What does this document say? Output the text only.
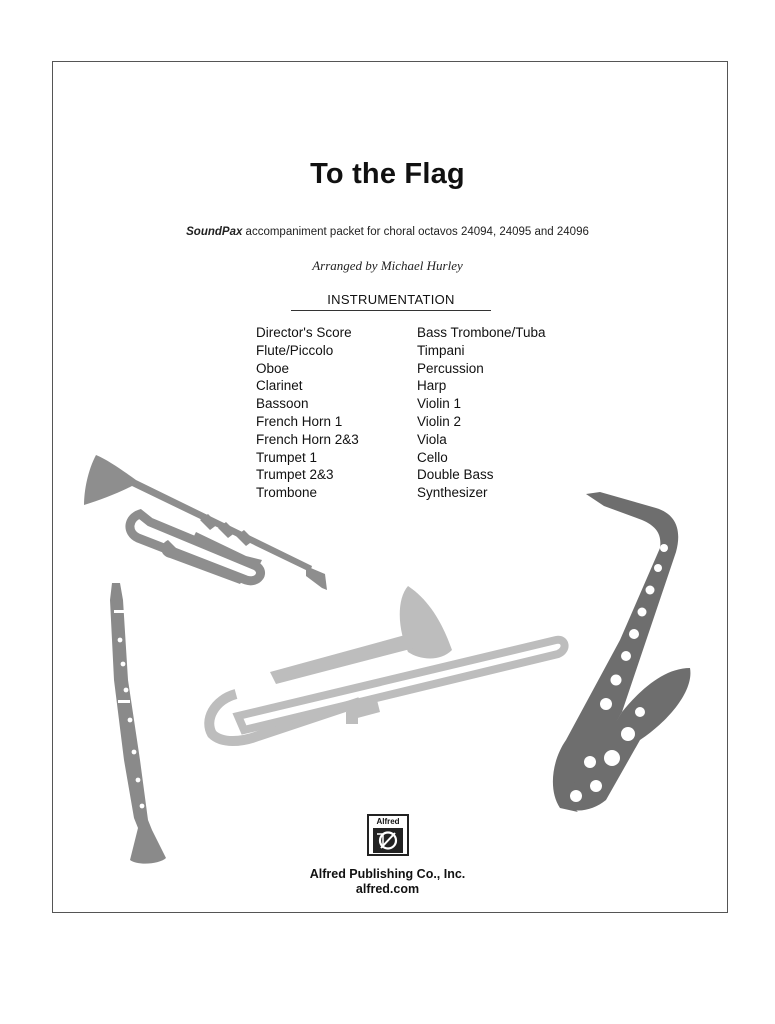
To the Flag
SoundPax accompaniment packet for choral octavos 24094, 24095 and 24096
Arranged by Michael Hurley
INSTRUMENTATION
Director's Score
Flute/Piccolo
Oboe
Clarinet
Bassoon
French Horn 1
French Horn 2&3
Trumpet 1
Trumpet 2&3
Trombone
Bass Trombone/Tuba
Timpani
Percussion
Harp
Violin 1
Violin 2
Viola
Cello
Double Bass
Synthesizer
Alfred
Alfred Publishing Co., Inc.
alfred.com
